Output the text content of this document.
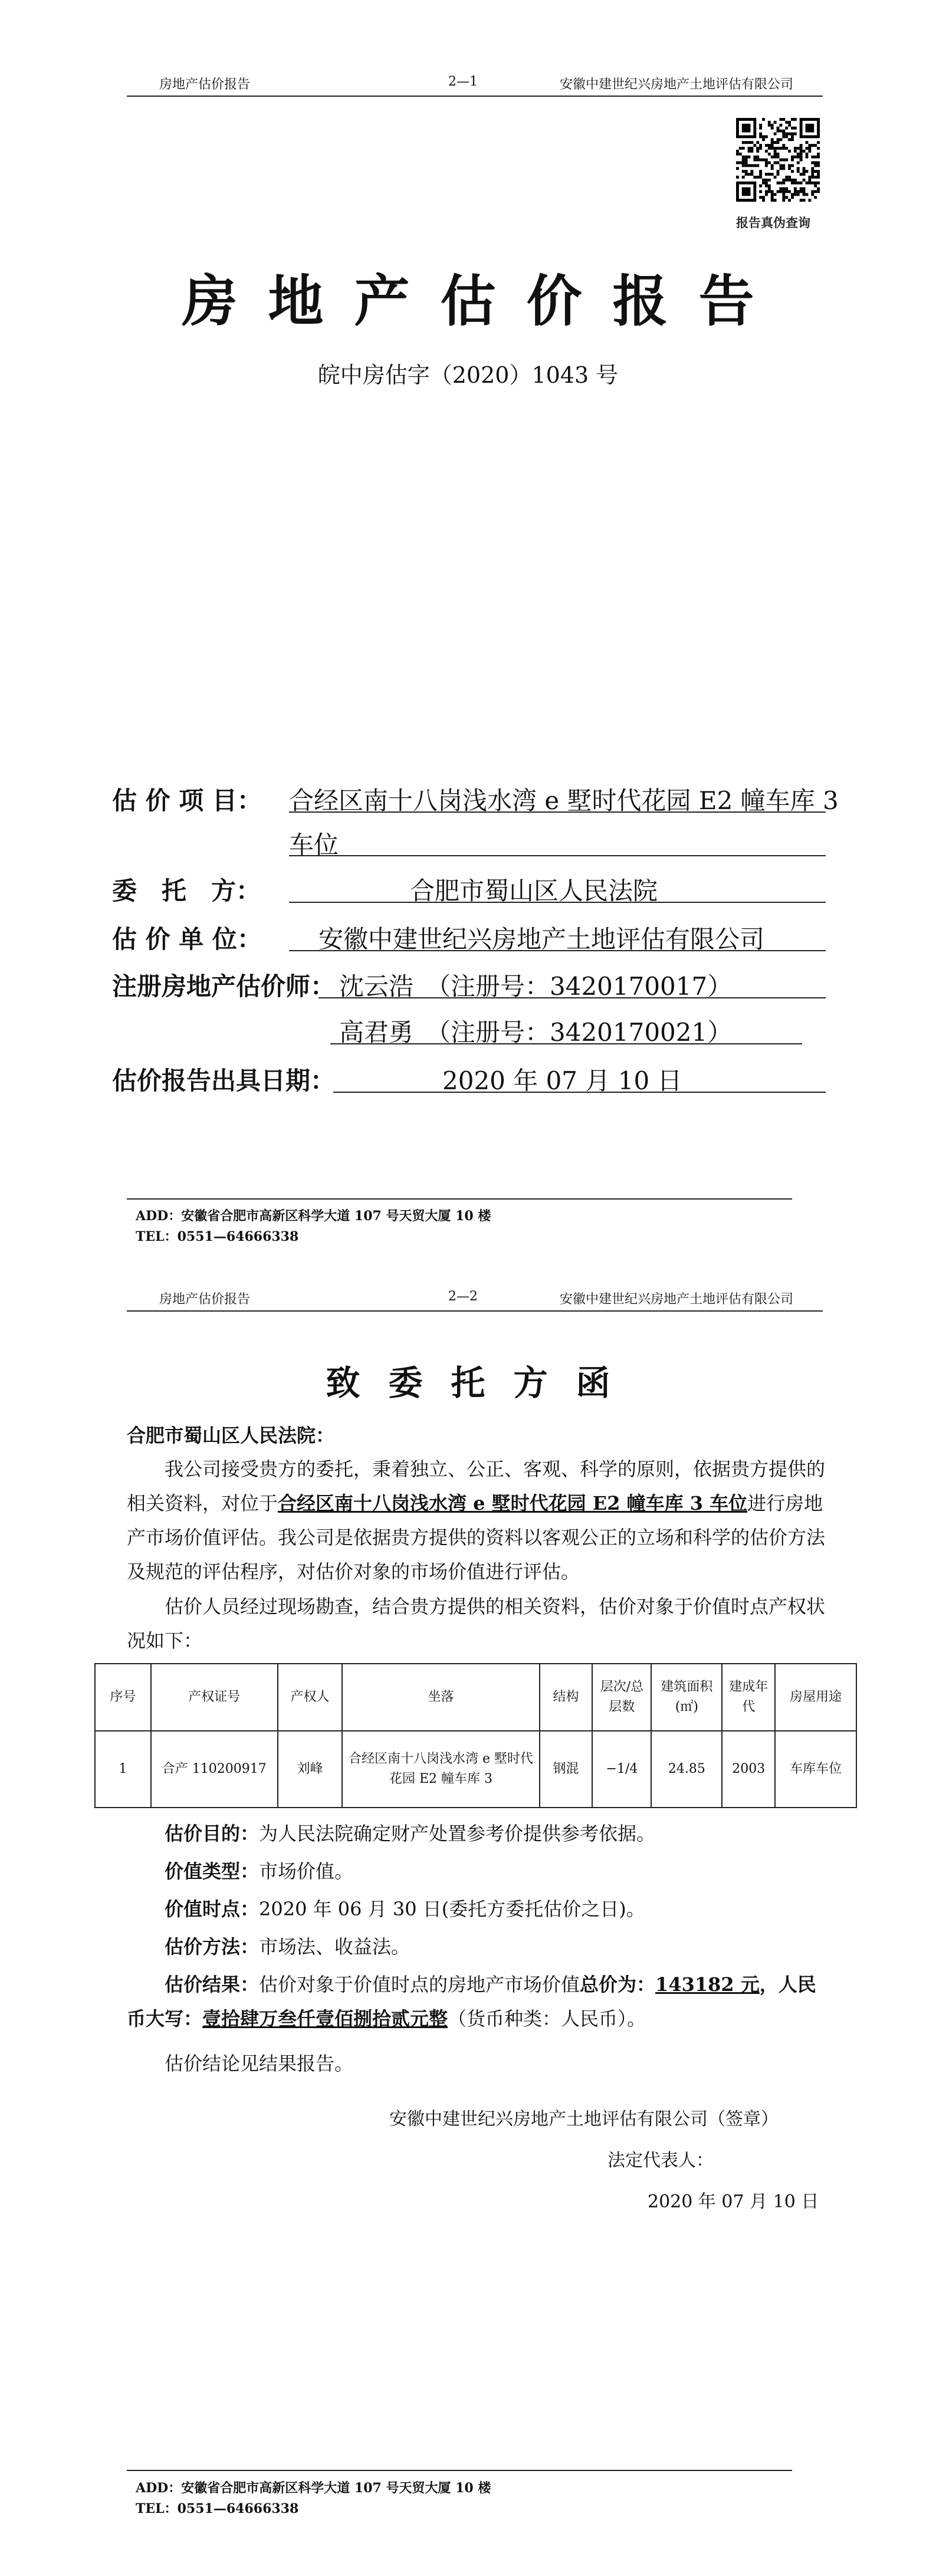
房地产估价报告	2—1	安徽中建世纪兴房地产土地评估有限公司
报告真伪查询
房地产估价报告
皖中房估字（2020）1043 号
估 价 项 目： 合经区南十八岗浅水湾 e 墅时代花园 E2 幢车库 3
车位
委　托　方：	合肥市蜀山区人民法院
估 价 单 位： 安徽中建世纪兴房地产土地评估有限公司
注册房地产估价师： 沈云浩　（注册号：3420170017）
高君勇　（注册号：3420170021）
估价报告出具日期：	2020 年 07 月 10 日
ADD：安徽省合肥市高新区科学大道 107 号天贸大厦 10 楼
TEL：0551—64666338
房地产估价报告	2—2	安徽中建世纪兴房地产土地评估有限公司
致委托方函
合肥市蜀山区人民法院：
我公司接受贵方的委托，秉着独立、公正、客观、科学的原则，依据贵方提供的相关资料，对位于合经区南十八岗浅水湾 e 墅时代花园 E2 幢车库 3 车位进行房地产市场价值评估。我公司是依据贵方提供的资料以客观公正的立场和科学的估价方法及规范的评估程序，对估价对象的市场价值进行评估。
估价人员经过现场勘查，结合贵方提供的相关资料，估价对象于价值时点产权状况如下：
序号	产权证号	产权人	坐落	结构	层次/总层数	建筑面积(㎡)	建成年代	房屋用途
1	合产 110200917	刘峰	合经区南十八岗浅水湾 e 墅时代花园 E2 幢车库 3	钢混	−1/4	24.85	2003	车库车位
估价目的：为人民法院确定财产处置参考价提供参考依据。
价值类型：市场价值。
价值时点：2020 年 06 月 30 日(委托方委托估价之日)。
估价方法：市场法、收益法。
估价结果：估价对象于价值时点的房地产市场价值总价为：143182 元，人民币大写：壹拾肆万叁仟壹佰捌拾贰元整（货币种类：人民币）。
估价结论见结果报告。
安徽中建世纪兴房地产土地评估有限公司（签章）
法定代表人：
2020 年 07 月 10 日
ADD：安徽省合肥市高新区科学大道 107 号天贸大厦 10 楼
TEL：0551—64666338
